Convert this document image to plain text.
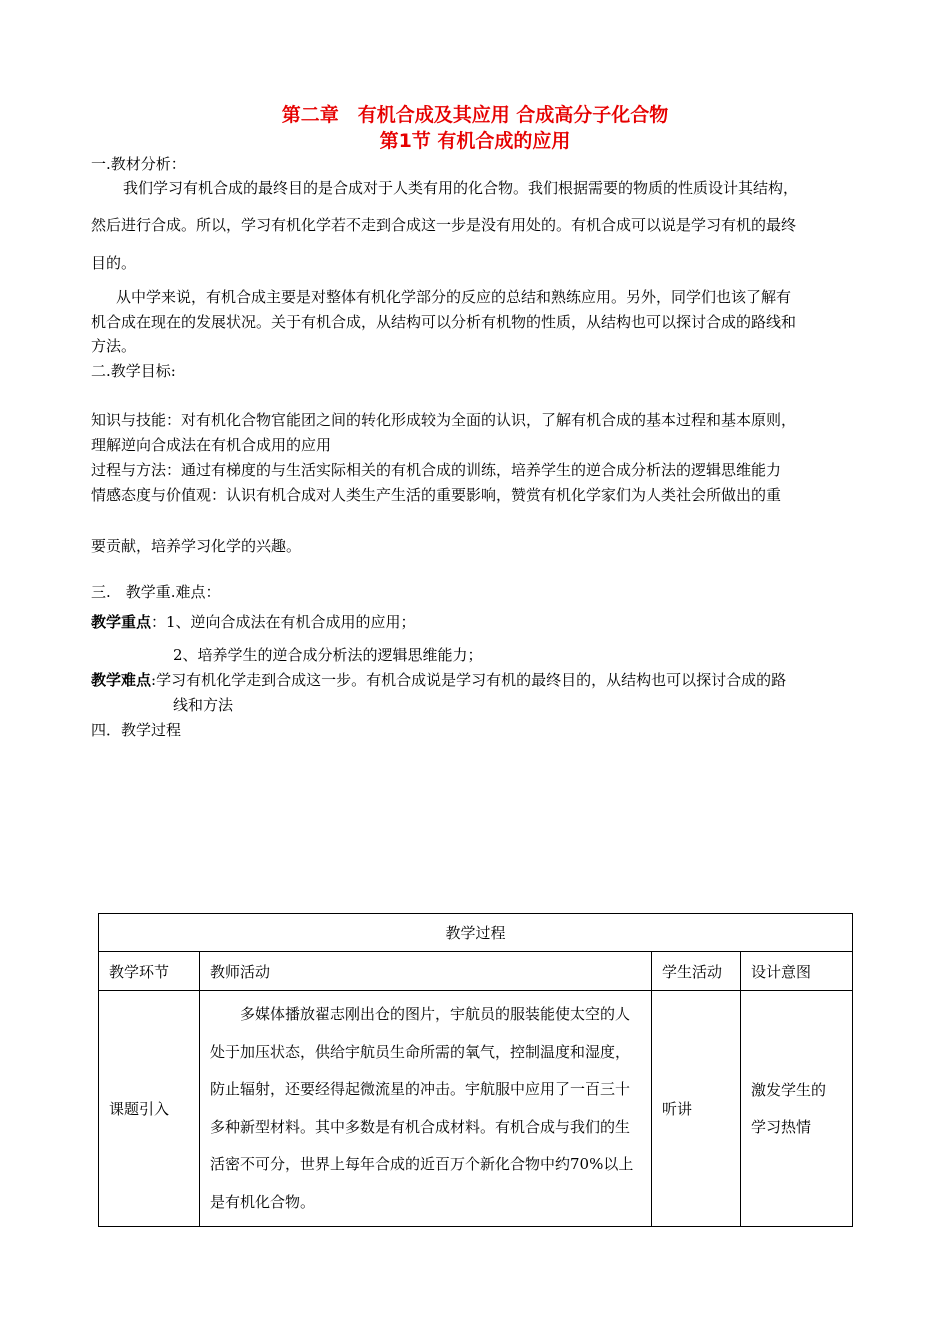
第二章　有机合成及其应用 合成高分子化合物
第1节 有机合成的应用
一.教材分析：
我们学习有机合成的最终目的是合成对于人类有用的化合物。我们根据需要的物质的性质设计其结构，
然后进行合成。所以，学习有机化学若不走到合成这一步是没有用处的。有机合成可以说是学习有机的最终
目的。
从中学来说，有机合成主要是对整体有机化学部分的反应的总结和熟练应用。另外，同学们也该了解有
机合成在现在的发展状况。关于有机合成，从结构可以分析有机物的性质，从结构也可以探讨合成的路线和
方法。
二.教学目标:
知识与技能：对有机化合物官能团之间的转化形成较为全面的认识，了解有机合成的基本过程和基本原则，
理解逆向合成法在有机合成用的应用
过程与方法：通过有梯度的与生活实际相关的有机合成的训练，培养学生的逆合成分析法的逻辑思维能力
情感态度与价值观：认识有机合成对人类生产生活的重要影响，赞赏有机化学家们为人类社会所做出的重
要贡献，培养学习化学的兴趣。
三.　教学重.难点：
教学重点：1、逆向合成法在有机合成用的应用；
2、培养学生的逆合成分析法的逻辑思维能力；
教学难点:学习有机化学走到合成这一步。有机合成说是学习有机的最终目的，从结构也可以探讨合成的路
线和方法
四．教学过程
教学过程			
教学环节	教师活动	学生活动	设计意图
课题引入	多媒体播放翟志刚出仓的图片，宇航员的服装能使太空的人处于加压状态，供给宇航员生命所需的氧气，控制温度和湿度，防止辐射，还要经得起微流星的冲击。宇航服中应用了一百三十多种新型材料。其中多数是有机合成材料。有机合成与我们的生活密不可分，世界上每年合成的近百万个新化合物中约70%以上是有机化合物。	听讲	激发学生的学习热情
